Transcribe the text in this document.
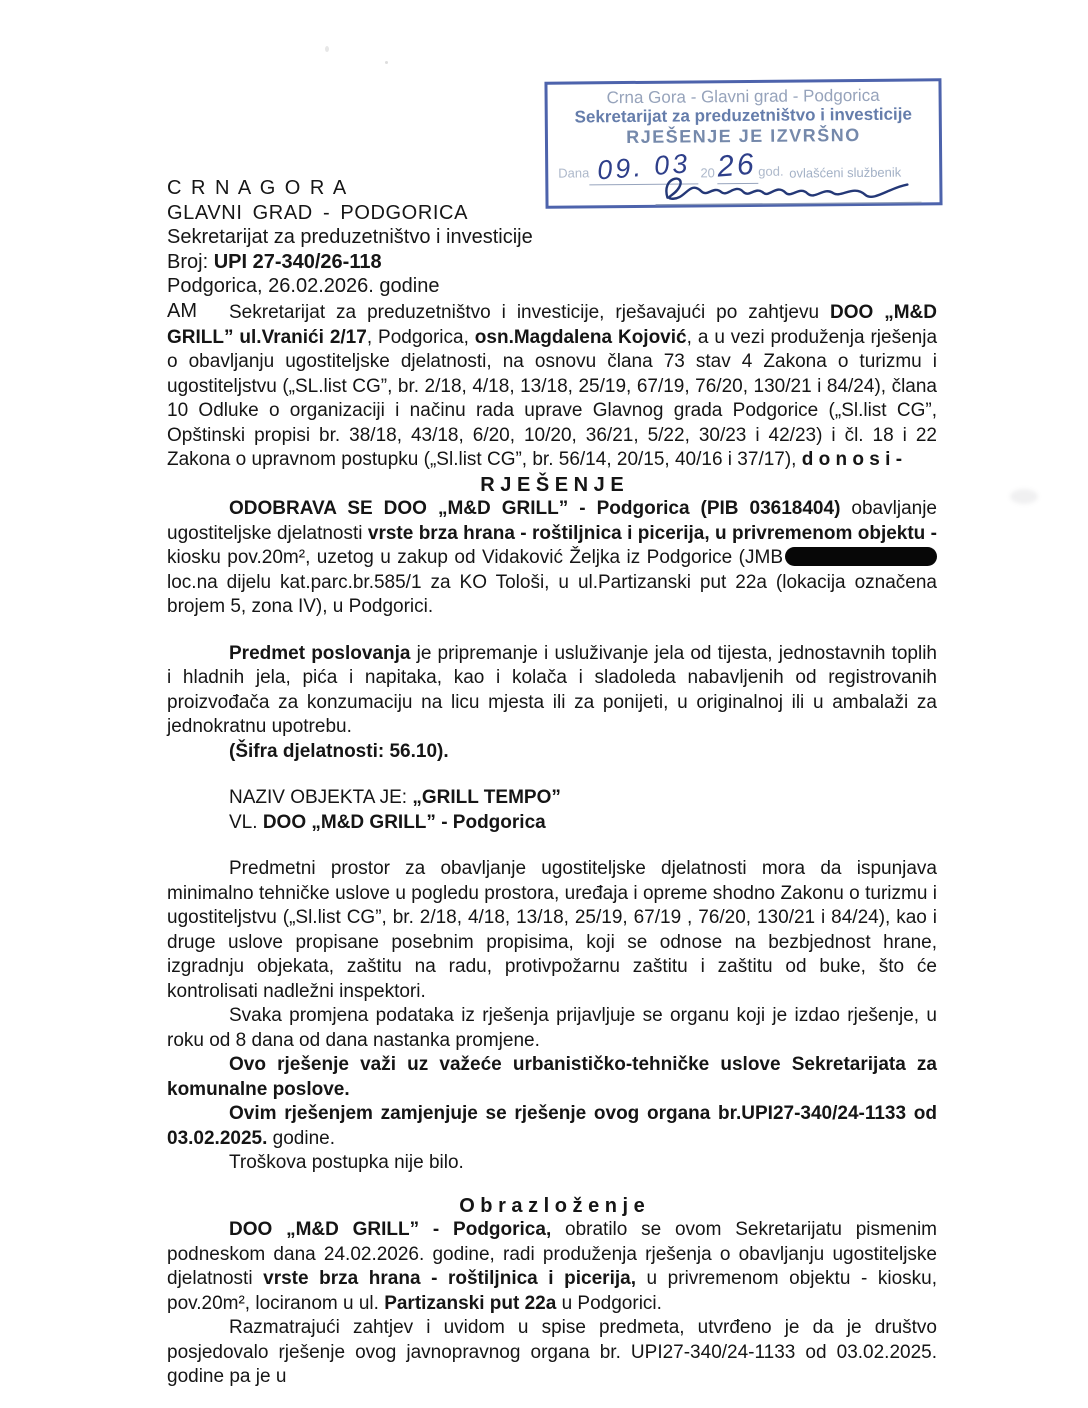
Crna Gora - Glavni grad - Podgorica
Sekretarijat za preduzetništvo i investicije
RJEŠENJE JE IZVRŠNO
Dana 09. 03 20 26 god. ovlašćeni službenik
C R N A G O R A
GLAVNI GRAD - PODGORICA
Sekretarijat za preduzetništvo i investicije
Broj: UPI 27-340/26-118
Podgorica, 26.02.2026. godine
AM	Sekretarijat za preduzetništvo i investicije, rješavajući po zahtjevu DOO „M&D GRILL” ul.Vranići 2/17, Podgorica, osn.Magdalena Kojović, a u vezi produženja rješenja o obavljanju ugostiteljske djelatnosti, na osnovu člana 73 stav 4 Zakona o turizmu i ugostiteljstvu („SL.list CG”, br. 2/18, 4/18, 13/18, 25/19, 67/19, 76/20, 130/21 i 84/24), člana 10 Odluke o organizaciji i načinu rada uprave Glavnog grada Podgorice („Sl.list CG”, Opštinski propisi br. 38/18, 43/18, 6/20, 10/20, 36/21, 5/22, 30/23 i 42/23) i čl. 18 i 22 Zakona o upravnom postupku („Sl.list CG”, br. 56/14, 20/15, 40/16 i 37/17), d o n o s i -

R J E Š E N J E

ODOBRAVA SE DOO „M&D GRILL” - Podgorica (PIB 03618404) obavljanje ugostiteljske djelatnosti vrste brza hrana - roštiljnica i picerija, u privremenom objektu - kiosku pov.20m², uzetog u zakup od Vidaković Željka iz Podgorice (JMB loc.na dijelu kat.parc.br.585/1 za KO Tološi, u ul.Partizanski put 22a (lokacija označena brojem 5, zona IV), u Podgorici.

Predmet poslovanja je pripremanje i usluživanje jela od tijesta, jednostavnih toplih i hladnih jela, pića i napitaka, kao i kolača i sladoleda nabavljenih od registrovanih proizvođača za konzumaciju na licu mjesta ili za ponijeti, u originalnoj ili u ambalaži za jednokratnu upotrebu.

(Šifra djelatnosti: 56.10).

NAZIV OBJEKTA JE: „GRILL TEMPO”

VL. DOO „M&D GRILL” - Podgorica

Predmetni prostor za obavljanje ugostiteljske djelatnosti mora da ispunjava minimalno tehničke uslove u pogledu prostora, uređaja i opreme shodno Zakonu o turizmu i ugostiteljstvu („Sl.list CG”, br. 2/18, 4/18, 13/18, 25/19, 67/19 , 76/20, 130/21 i 84/24), kao i druge uslove propisane posebnim propisima, koji se odnose na bezbjednost hrane, izgradnju objekata, zaštitu na radu, protivpožarnu zaštitu i zaštitu od buke, što će kontrolisati nadležni inspektori.

Svaka promjena podataka iz rješenja prijavljuje se organu koji je izdao rješenje, u roku od 8 dana od dana nastanka promjene.

Ovo rješenje važi uz važeće urbanističko-tehničke uslove Sekretarijata za komunalne poslove.

Ovim rješenjem zamjenjuje se rješenje ovog organa br.UPI27-340/24-1133 od 03.02.2025. godine.

Troškova postupka nije bilo.

O b r a z l o ž e n j e

DOO „M&D GRILL” - Podgorica, obratilo se ovom Sekretarijatu pismenim podneskom dana 24.02.2026. godine, radi produženja rješenja o obavljanju ugostiteljske djelatnosti vrste brza hrana - roštiljnica i picerija, u privremenom objektu - kiosku, pov.20m², lociranom u ul. Partizanski put 22a u Podgorici.

Razmatrajući zahtjev i uvidom u spise predmeta, utvrđeno je da je društvo posjedovalo rješenje ovog javnopravnog organa br. UPI27-340/24-1133 od 03.02.2025. godine pa je u
